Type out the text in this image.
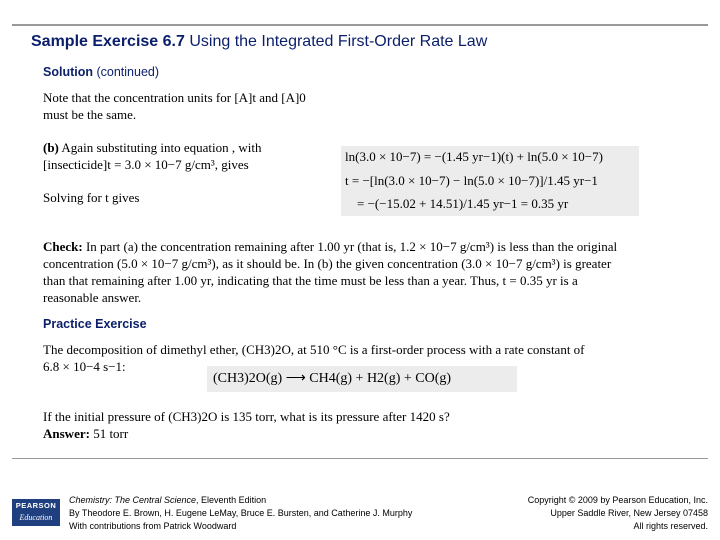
Sample Exercise 6.7 Using the Integrated First-Order Rate Law
Solution (continued)
Note that the concentration units for [A]t and [A]0
must be the same.
(b) Again substituting into equation , with
[insecticide]t = 3.0 × 10−7 g/cm³, gives
Solving for t gives
ln(3.0 × 10−7) = −(1.45 yr−1)(t) + ln(5.0 × 10−7)
t = −[ln(3.0 × 10−7) − ln(5.0 × 10−7)]/1.45 yr−1
= −(−15.02 + 14.51)/1.45 yr−1 = 0.35 yr
Check: In part (a) the concentration remaining after 1.00 yr (that is, 1.2 × 10−7 g/cm³) is less than the original
concentration (5.0 × 10−7 g/cm³), as it should be. In (b) the given concentration (3.0 × 10−7 g/cm³) is greater
than that remaining after 1.00 yr, indicating that the time must be less than a year. Thus, t = 0.35 yr is a
reasonable answer.
Practice Exercise
The decomposition of dimethyl ether, (CH3)2O, at 510 °C is a first-order process with a rate constant of
6.8 × 10−4 s−1:
(CH3)2O(g) ⟶ CH4(g) + H2(g) + CO(g)
If the initial pressure of (CH3)2O is 135 torr, what is its pressure after 1420 s?
Answer: 51 torr
PEARSON
Education
Chemistry: The Central Science, Eleventh Edition
By Theodore E. Brown, H. Eugene LeMay, Bruce E. Bursten, and Catherine J. Murphy
With contributions from Patrick Woodward
Copyright © 2009 by Pearson Education, Inc.
Upper Saddle River, New Jersey 07458
All rights reserved.
